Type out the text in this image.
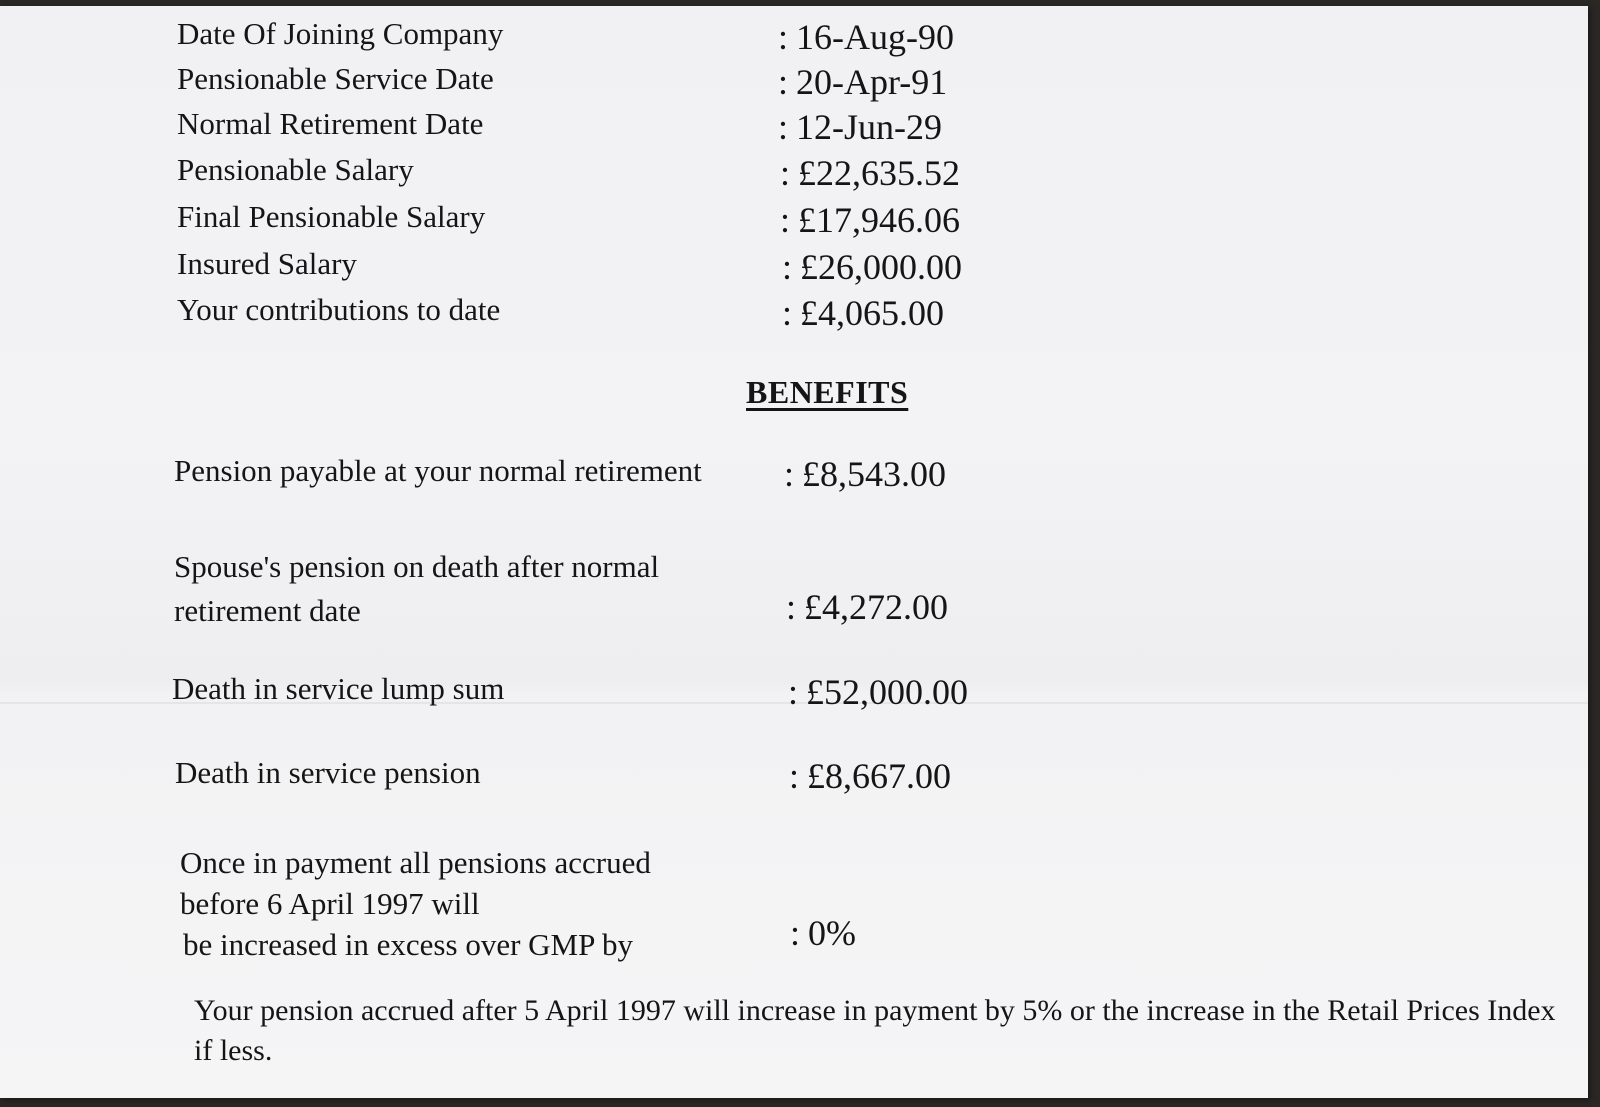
Date Of Joining Company	: 16-Aug-90
Pensionable Service Date	: 20-Apr-91
Normal Retirement Date	: 12-Jun-29
Pensionable Salary	: £22,635.52
Final Pensionable Salary	: £17,946.06
Insured Salary	: £26,000.00
Your contributions to date	: £4,065.00
BENEFITS
Pension payable at your normal retirement : £8,543.00
Spouse's pension on death after normal
retirement date	: £4,272.00
Death in service lump sum	: £52,000.00
Death in service pension	: £8,667.00
Once in payment all pensions accrued
before 6 April 1997 will
be increased in excess over GMP by	: 0%
Your pension accrued after 5 April 1997 will increase in payment by 5% or the increase in the Retail Prices Index if less.
